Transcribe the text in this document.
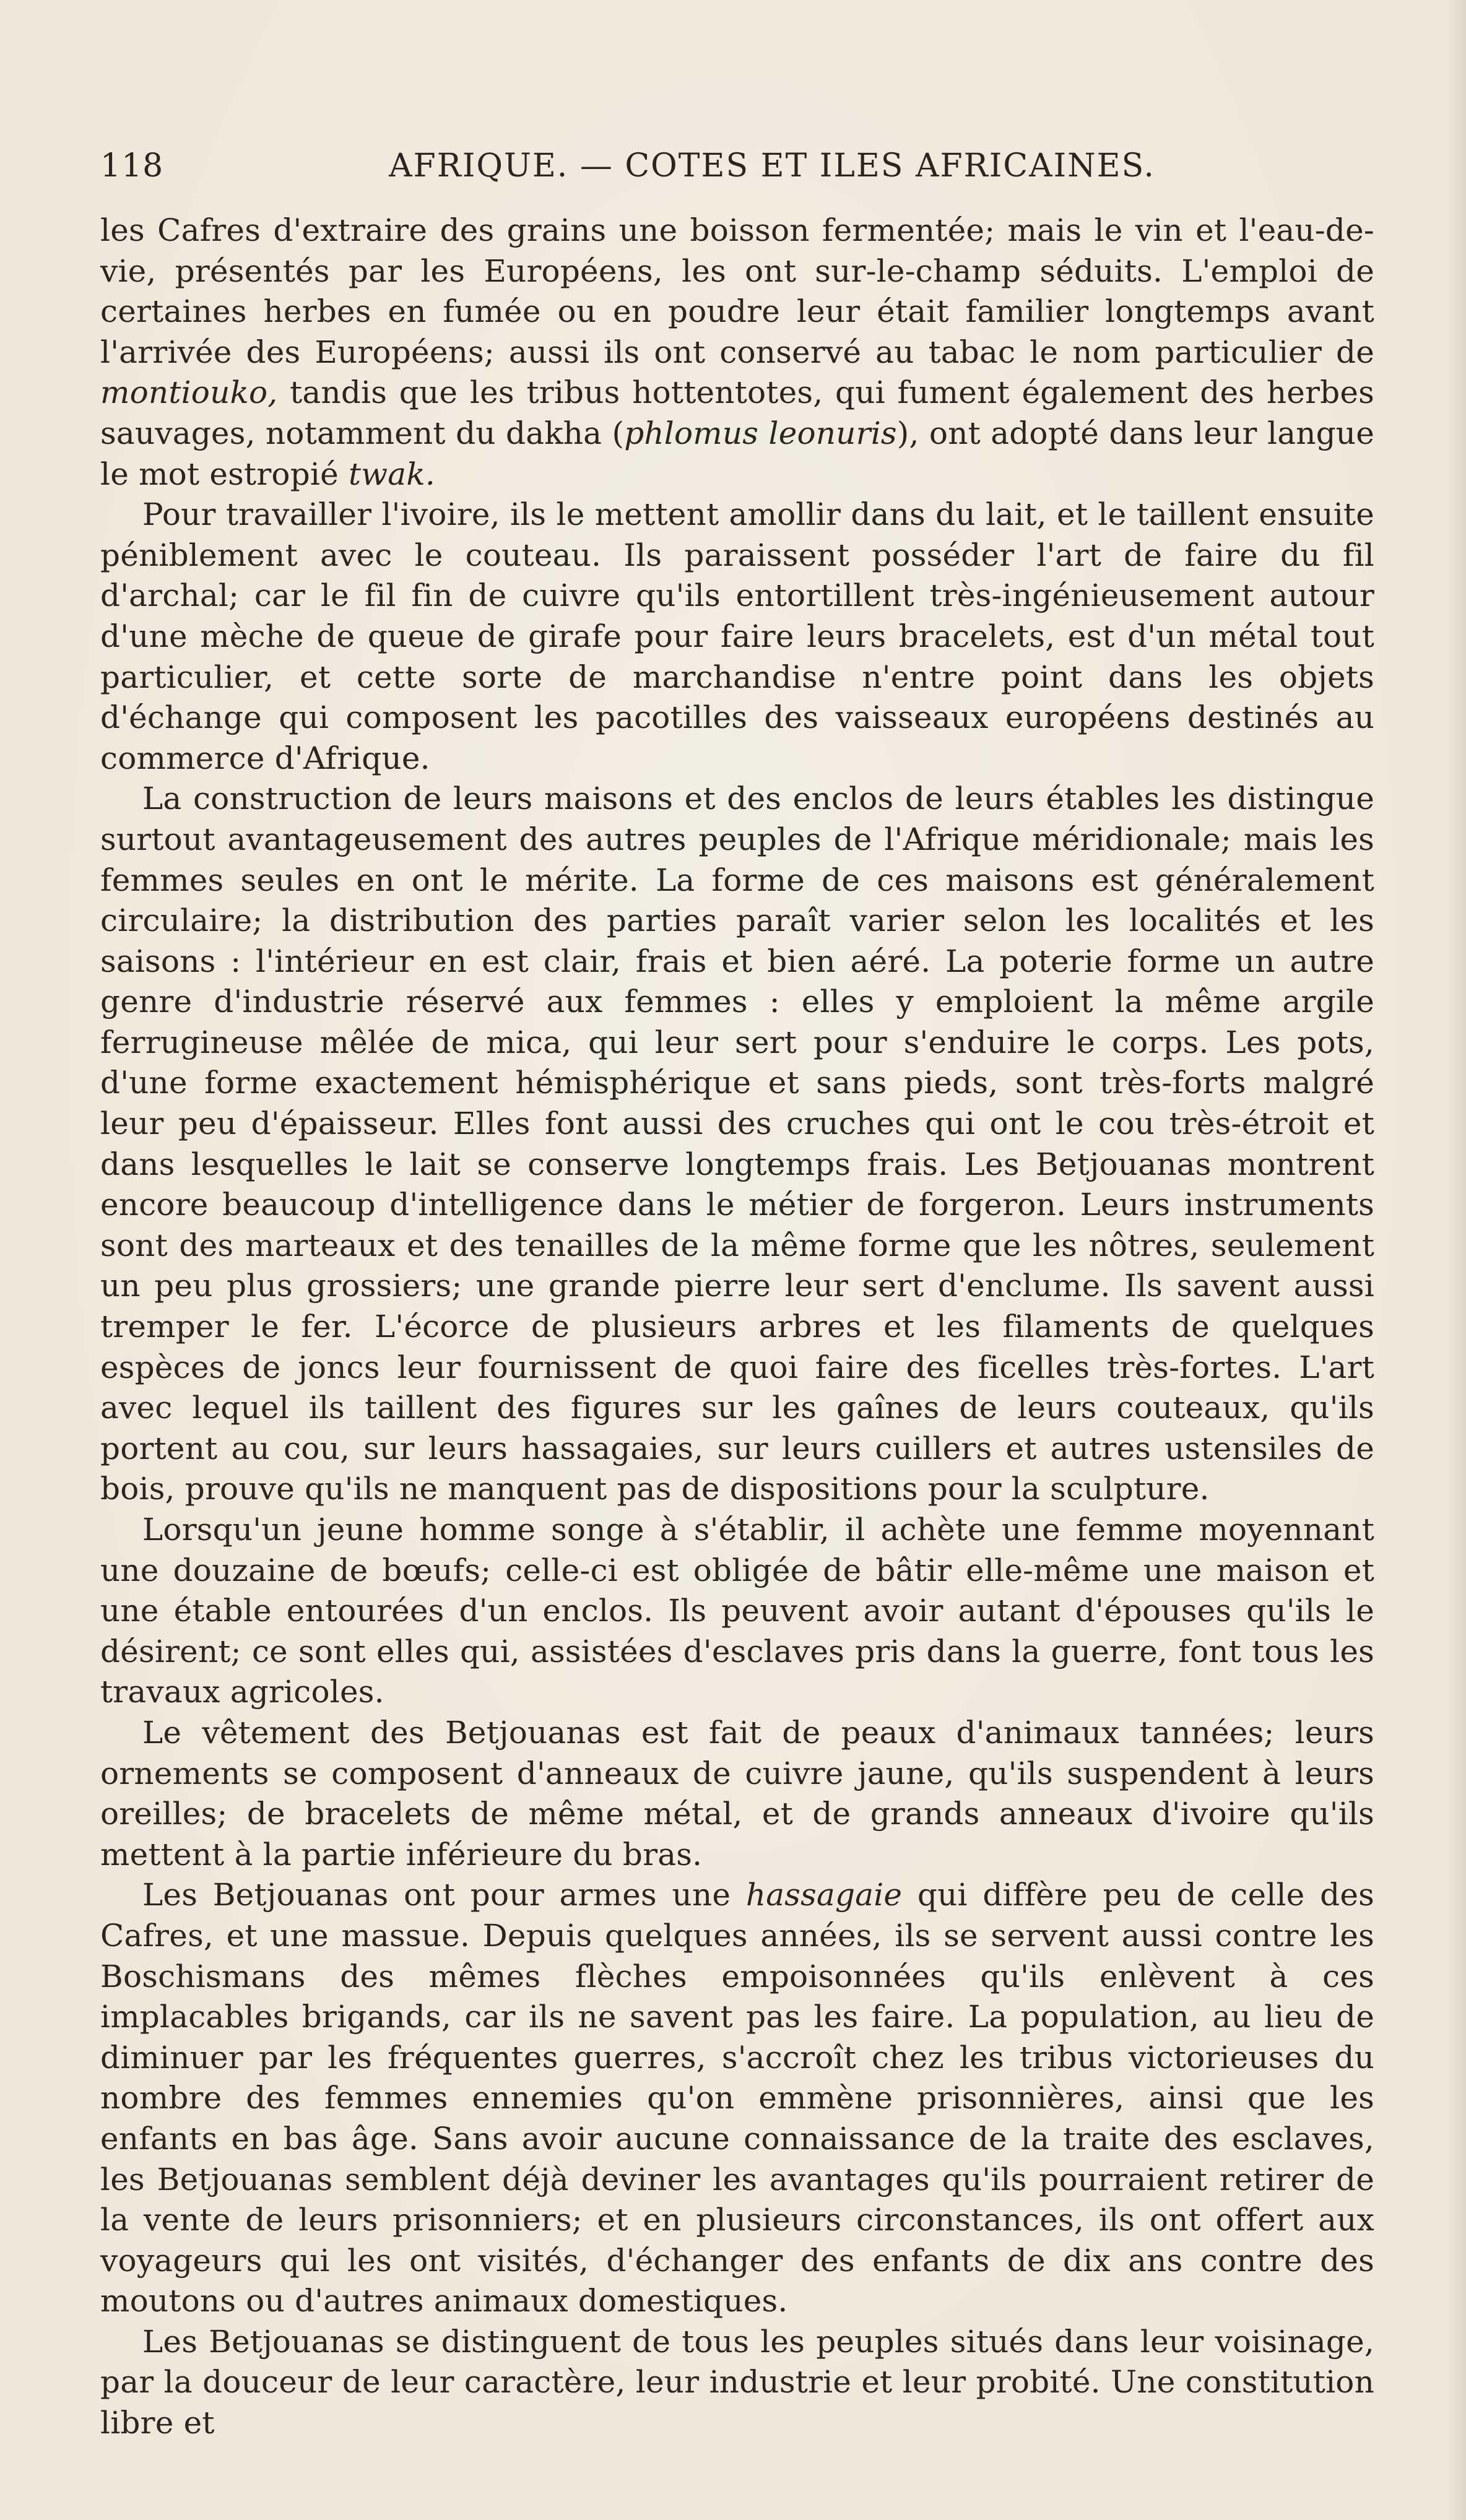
118	AFRIQUE. — COTES ET ILES AFRICAINES.

les Cafres d'extraire des grains une boisson fermentée; mais le vin et l'eau-de-vie, présentés par les Européens, les ont sur-le-champ séduits. L'emploi de certaines herbes en fumée ou en poudre leur était familier longtemps avant l'arrivée des Européens; aussi ils ont conservé au tabac le nom particulier de montiouko, tandis que les tribus hottentotes, qui fument également des herbes sauvages, notamment du dakha (phlomus leonuris), ont adopté dans leur langue le mot estropié twak.

Pour travailler l'ivoire, ils le mettent amollir dans du lait, et le taillent ensuite péniblement avec le couteau. Ils paraissent posséder l'art de faire du fil d'archal; car le fil fin de cuivre qu'ils entortillent très-ingénieusement autour d'une mèche de queue de girafe pour faire leurs bracelets, est d'un métal tout particulier, et cette sorte de marchandise n'entre point dans les objets d'échange qui composent les pacotilles des vaisseaux européens destinés au commerce d'Afrique.

La construction de leurs maisons et des enclos de leurs étables les distingue surtout avantageusement des autres peuples de l'Afrique méridionale; mais les femmes seules en ont le mérite. La forme de ces maisons est généralement circulaire; la distribution des parties paraît varier selon les localités et les saisons : l'intérieur en est clair, frais et bien aéré. La poterie forme un autre genre d'industrie réservé aux femmes : elles y emploient la même argile ferrugineuse mêlée de mica, qui leur sert pour s'enduire le corps. Les pots, d'une forme exactement hémisphérique et sans pieds, sont très-forts malgré leur peu d'épaisseur. Elles font aussi des cruches qui ont le cou très-étroit et dans lesquelles le lait se conserve longtemps frais. Les Betjouanas montrent encore beaucoup d'intelligence dans le métier de forgeron. Leurs instruments sont des marteaux et des tenailles de la même forme que les nôtres, seulement un peu plus grossiers; une grande pierre leur sert d'enclume. Ils savent aussi tremper le fer. L'écorce de plusieurs arbres et les filaments de quelques espèces de joncs leur fournissent de quoi faire des ficelles très-fortes. L'art avec lequel ils taillent des figures sur les gaînes de leurs couteaux, qu'ils portent au cou, sur leurs hassagaies, sur leurs cuillers et autres ustensiles de bois, prouve qu'ils ne manquent pas de dispositions pour la sculpture.

Lorsqu'un jeune homme songe à s'établir, il achète une femme moyennant une douzaine de bœufs; celle-ci est obligée de bâtir elle-même une maison et une étable entourées d'un enclos. Ils peuvent avoir autant d'épouses qu'ils le désirent; ce sont elles qui, assistées d'esclaves pris dans la guerre, font tous les travaux agricoles.

Le vêtement des Betjouanas est fait de peaux d'animaux tannées; leurs ornements se composent d'anneaux de cuivre jaune, qu'ils suspendent à leurs oreilles; de bracelets de même métal, et de grands anneaux d'ivoire qu'ils mettent à la partie inférieure du bras.

Les Betjouanas ont pour armes une hassagaie qui diffère peu de celle des Cafres, et une massue. Depuis quelques années, ils se servent aussi contre les Boschismans des mêmes flèches empoisonnées qu'ils enlèvent à ces implacables brigands, car ils ne savent pas les faire. La population, au lieu de diminuer par les fréquentes guerres, s'accroît chez les tribus victorieuses du nombre des femmes ennemies qu'on emmène prisonnières, ainsi que les enfants en bas âge. Sans avoir aucune connaissance de la traite des esclaves, les Betjouanas semblent déjà deviner les avantages qu'ils pourraient retirer de la vente de leurs prisonniers; et en plusieurs circonstances, ils ont offert aux voyageurs qui les ont visités, d'échanger des enfants de dix ans contre des moutons ou d'autres animaux domestiques.

Les Betjouanas se distinguent de tous les peuples situés dans leur voisinage, par la douceur de leur caractère, leur industrie et leur probité. Une constitution libre et
